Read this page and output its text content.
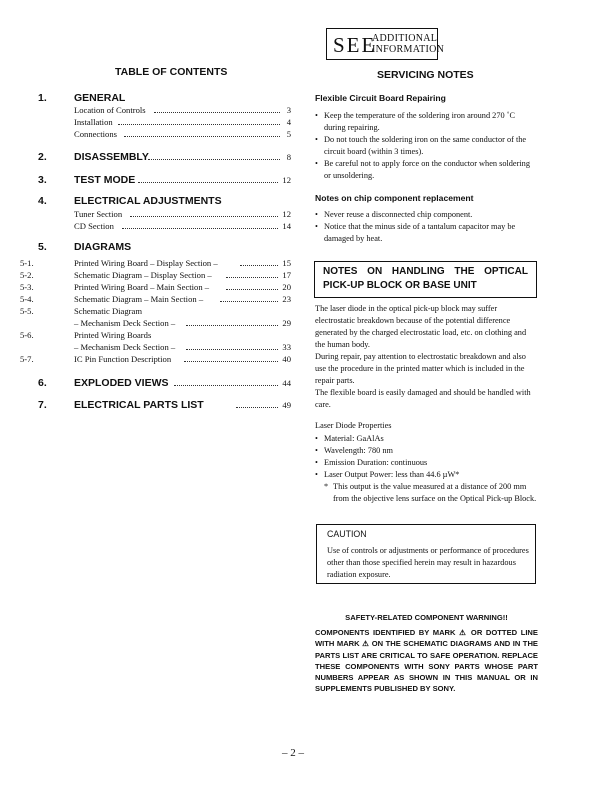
SEE
ADDITIONAL
INFORMATION
TABLE OF CONTENTS	SERVICING NOTES
1.	GENERAL
Location of Controls	3
Installation	4
Connections	5
2.	DISASSEMBLY	8
3.	TEST MODE	12
4.	ELECTRICAL ADJUSTMENTS
Tuner Section	12
CD Section	14
5.	DIAGRAMS
5-1.	Printed Wiring Board – Display Section –	15
5-2.	Schematic Diagram – Display Section –	17
5-3.	Printed Wiring Board – Main Section –	20
5-4.	Schematic Diagram – Main Section –	23
5-5.	Schematic Diagram
– Mechanism Deck Section –	29
5-6.	Printed Wiring Boards
– Mechanism Deck Section –	33
5-7.	IC Pin Function Description	40
6.	EXPLODED VIEWS	44
7.	ELECTRICAL PARTS LIST	49
Flexible Circuit Board Repairing
• Keep the temperature of the soldering iron around 270 ˚C during repairing.
• Do not touch the soldering iron on the same conductor of the circuit board (within 3 times).
• Be careful not to apply force on the conductor when soldering or unsoldering.
Notes on chip component replacement
• Never reuse a disconnected chip component.
• Notice that the minus side of a tantalum capacitor may be damaged by heat.
NOTES ON HANDLING THE OPTICAL PICK-UP BLOCK OR BASE UNIT
The laser diode in the optical pick-up block may suffer electrostatic breakdown because of the potential difference generated by the charged electrostatic load, etc. on clothing and the human body.
During repair, pay attention to electrostatic breakdown and also use the procedure in the printed matter which is included in the repair parts.
The flexible board is easily damaged and should be handled with care.
Laser Diode Properties
• Material: GaAlAs
• Wavelength: 780 nm
• Emission Duration: continuous
• Laser Output Power: less than 44.6 µW*
* This output is the value measured at a distance of 200 mm from the objective lens surface on the Optical Pick-up Block.
CAUTION
Use of controls or adjustments or performance of procedures other than those specified herein may result in hazardous radiation exposure.
SAFETY-RELATED COMPONENT WARNING!!
COMPONENTS IDENTIFIED BY MARK ⚠ OR DOTTED LINE WITH MARK ⚠ ON THE SCHEMATIC DIAGRAMS AND IN THE PARTS LIST ARE CRITICAL TO SAFE OPERATION. REPLACE THESE COMPONENTS WITH SONY PARTS WHOSE PART NUMBERS APPEAR AS SHOWN IN THIS MANUAL OR IN SUPPLEMENTS PUBLISHED BY SONY.
– 2 –
